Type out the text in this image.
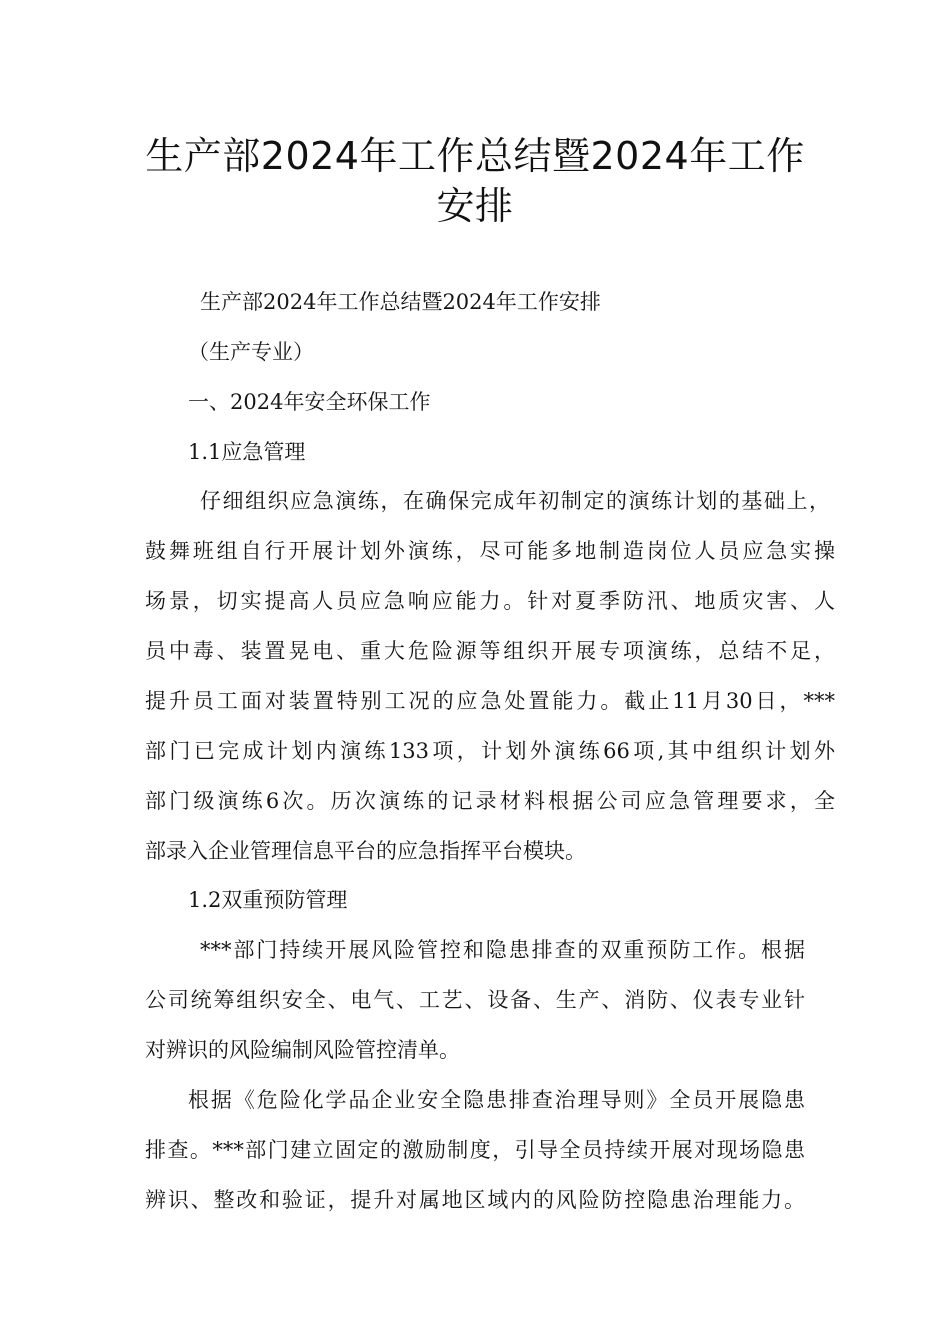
生产部2024年工作总结暨2024年工作
安排
生产部2024年工作总结暨2024年工作安排
（生产专业）
一、2024年安全环保工作
1.1应急管理
仔细组织应急演练，在确保完成年初制定的演练计划的基础上，
鼓舞班组自行开展计划外演练，尽可能多地制造岗位人员应急实操
场景，切实提高人员应急响应能力。针对夏季防汛、地质灾害、人
员中毒、装置晃电、重大危险源等组织开展专项演练，总结不足，
提升员工面对装置特别工况的应急处置能力。截止11月30日，***
部门已完成计划内演练133项，计划外演练66项,其中组织计划外
部门级演练6次。历次演练的记录材料根据公司应急管理要求，全
部录入企业管理信息平台的应急指挥平台模块。
1.2双重预防管理
***部门持续开展风险管控和隐患排查的双重预防工作。根据
公司统筹组织安全、电气、工艺、设备、生产、消防、仪表专业针
对辨识的风险编制风险管控清单。
根据《危险化学品企业安全隐患排查治理导则》全员开展隐患
排查。***部门建立固定的激励制度，引导全员持续开展对现场隐患
辨识、整改和验证，提升对属地区域内的风险防控隐患治理能力。
